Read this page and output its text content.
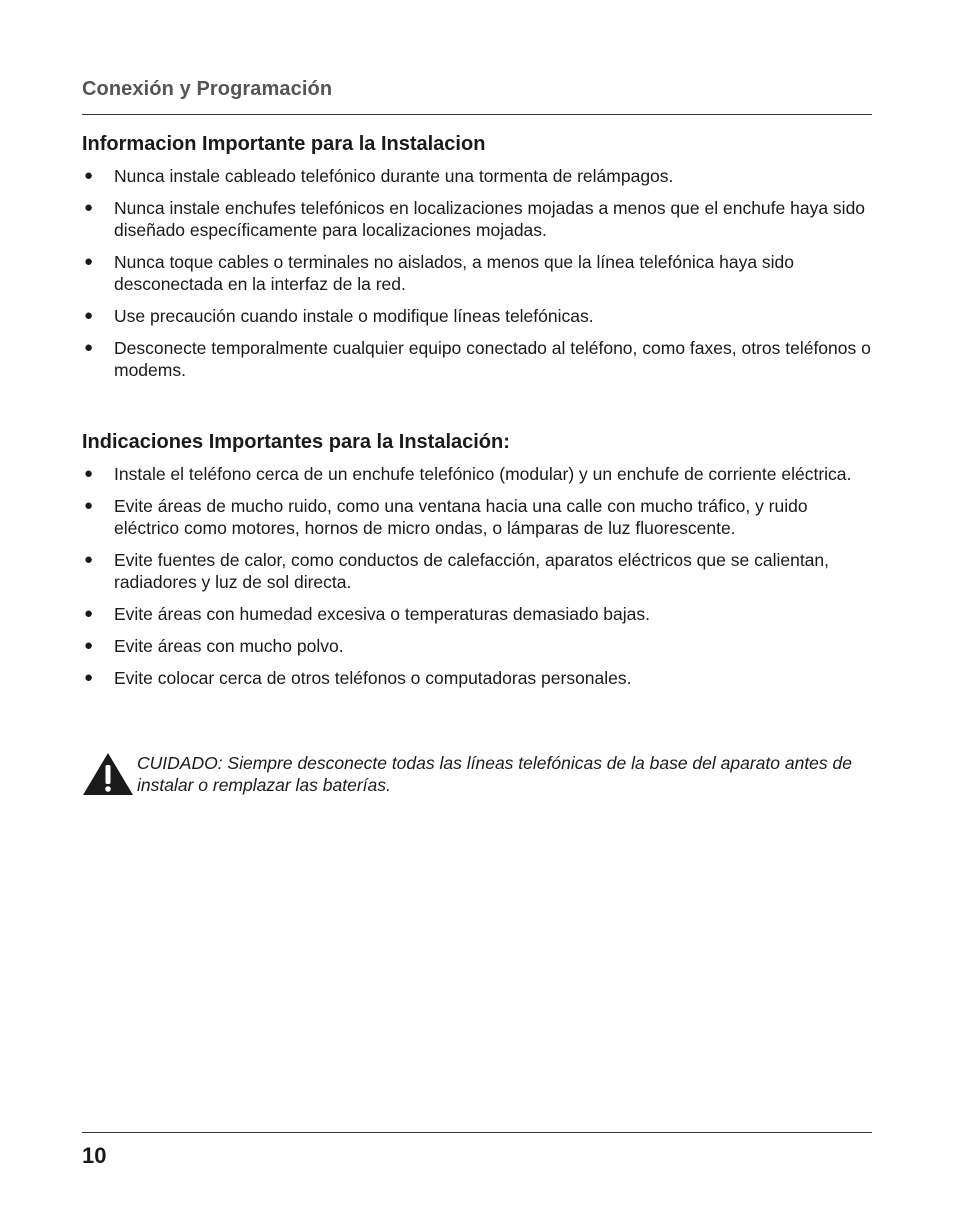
Conexión y Programación
Informacion Importante para la Instalacion
● Nunca instale cableado telefónico durante una tormenta de relámpagos.
● Nunca instale enchufes telefónicos en localizaciones mojadas a menos que el enchufe haya sido diseñado específicamente para localizaciones mojadas.
● Nunca toque cables o terminales no aislados, a menos que la línea telefónica haya sido desconectada en la interfaz de la red.
● Use precaución cuando instale o modifique líneas telefónicas.
● Desconecte temporalmente cualquier equipo conectado al teléfono, como faxes, otros teléfonos o modems.
Indicaciones Importantes para la Instalación:
● Instale el teléfono cerca de un enchufe telefónico (modular) y un enchufe de corriente eléctrica.
● Evite áreas de mucho ruido, como una ventana hacia una calle con mucho tráfico, y ruido eléctrico como motores, hornos de micro ondas, o lámparas de luz fluorescente.
● Evite fuentes de calor, como conductos de calefacción, aparatos eléctricos que se calientan, radiadores y luz de sol directa.
● Evite áreas con humedad excesiva o temperaturas demasiado bajas.
● Evite áreas con mucho polvo.
● Evite colocar cerca de otros teléfonos o computadoras personales.
CUIDADO: Siempre desconecte todas las líneas telefónicas de la base del aparato antes de instalar o remplazar las baterías.
10
